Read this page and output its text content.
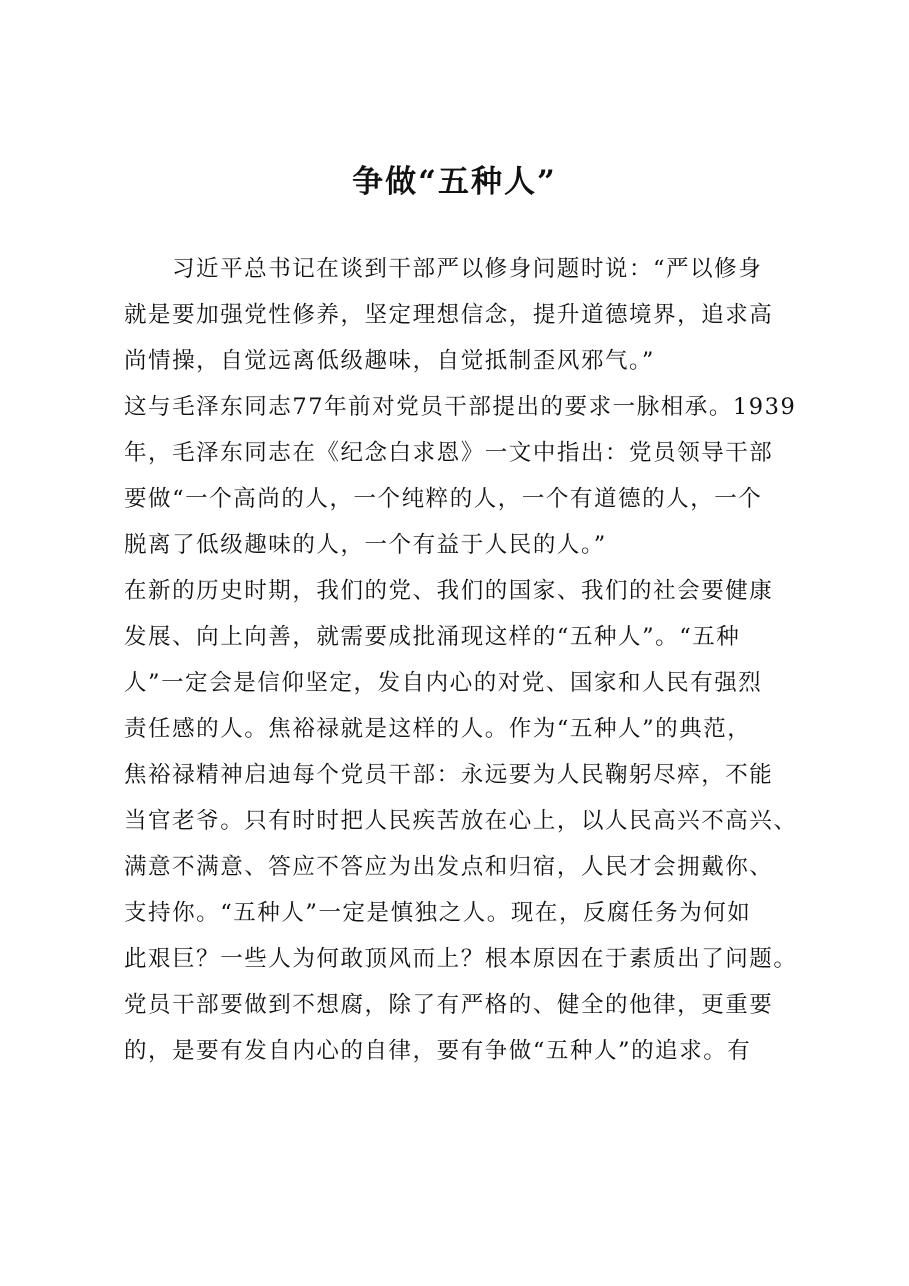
争做“五种人”
习近平总书记在谈到干部严以修身问题时说：“严以修身
就是要加强党性修养，坚定理想信念，提升道德境界，追求高
尚情操，自觉远离低级趣味，自觉抵制歪风邪气。”
这与毛泽东同志77年前对党员干部提出的要求一脉相承。1939
年，毛泽东同志在《纪念白求恩》一文中指出：党员领导干部
要做“一个高尚的人，一个纯粹的人，一个有道德的人，一个
脱离了低级趣味的人，一个有益于人民的人。”
在新的历史时期，我们的党、我们的国家、我们的社会要健康
发展、向上向善，就需要成批涌现这样的“五种人”。“五种
人”一定会是信仰坚定，发自内心的对党、国家和人民有强烈
责任感的人。焦裕禄就是这样的人。作为“五种人”的典范，
焦裕禄精神启迪每个党员干部：永远要为人民鞠躬尽瘁，不能
当官老爷。只有时时把人民疾苦放在心上，以人民高兴不高兴、
满意不满意、答应不答应为出发点和归宿，人民才会拥戴你、
支持你。“五种人”一定是慎独之人。现在，反腐任务为何如
此艰巨？一些人为何敢顶风而上？根本原因在于素质出了问题。
党员干部要做到不想腐，除了有严格的、健全的他律，更重要
的，是要有发自内心的自律，要有争做“五种人”的追求。有
